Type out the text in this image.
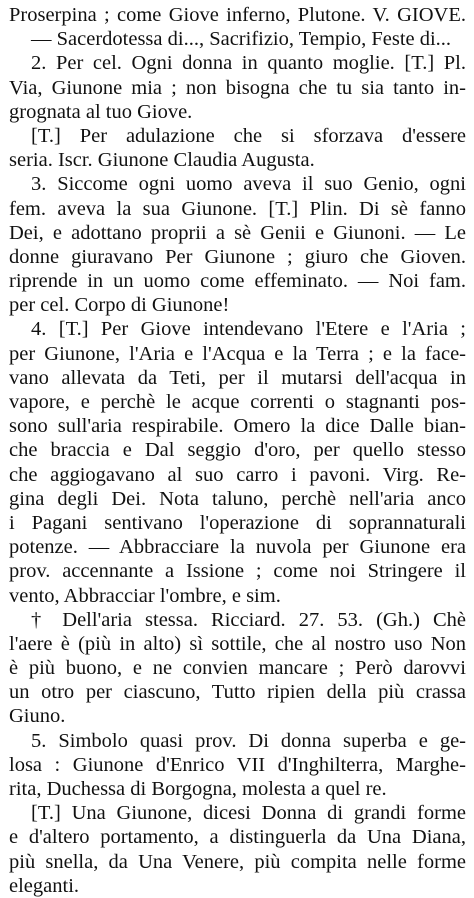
Proserpina ; come Giove inferno, Plutone. V. GIOVE.
— Sacerdotessa di..., Sacrifizio, Tempio, Feste di...
2. Per cel. Ogni donna in quanto moglie. [T.] Pl.
Via, Giunone mia ; non bisogna che tu sia tanto in-
grognata al tuo Giove.
[T.] Per adulazione che si sforzava d'essere
seria. Iscr. Giunone Claudia Augusta.
3. Siccome ogni uomo aveva il suo Genio, ogni
fem. aveva la sua Giunone. [T.] Plin. Di sè fanno
Dei, e adottano proprii a sè Genii e Giunoni. — Le
donne giuravano Per Giunone ; giuro che Gioven.
riprende in un uomo come effeminato. — Noi fam.
per cel. Corpo di Giunone!
4. [T.] Per Giove intendevano l'Etere e l'Aria ;
per Giunone, l'Aria e l'Acqua e la Terra ; e la face-
vano allevata da Teti, per il mutarsi dell'acqua in
vapore, e perchè le acque correnti o stagnanti pos-
sono sull'aria respirabile. Omero la dice Dalle bian-
che braccia e Dal seggio d'oro, per quello stesso
che aggiogavano al suo carro i pavoni. Virg. Re-
gina degli Dei. Nota taluno, perchè nell'aria anco
i Pagani sentivano l'operazione di soprannaturali
potenze. — Abbracciare la nuvola per Giunone era
prov. accennante a Issione ; come noi Stringere il
vento, Abbracciar l'ombre, e sim.
† Dell'aria stessa. Ricciard. 27. 53. (Gh.) Chè
l'aere è (più in alto) sì sottile, che al nostro uso Non
è più buono, e ne convien mancare ; Però darovvi
un otro per ciascuno, Tutto ripien della più crassa
Giuno.
5. Simbolo quasi prov. Di donna superba e ge-
losa : Giunone d'Enrico VII d'Inghilterra, Marghe-
rita, Duchessa di Borgogna, molesta a quel re.
[T.] Una Giunone, dicesi Donna di grandi forme
e d'altero portamento, a distinguerla da Una Diana,
più snella, da Una Venere, più compita nelle forme
eleganti.
